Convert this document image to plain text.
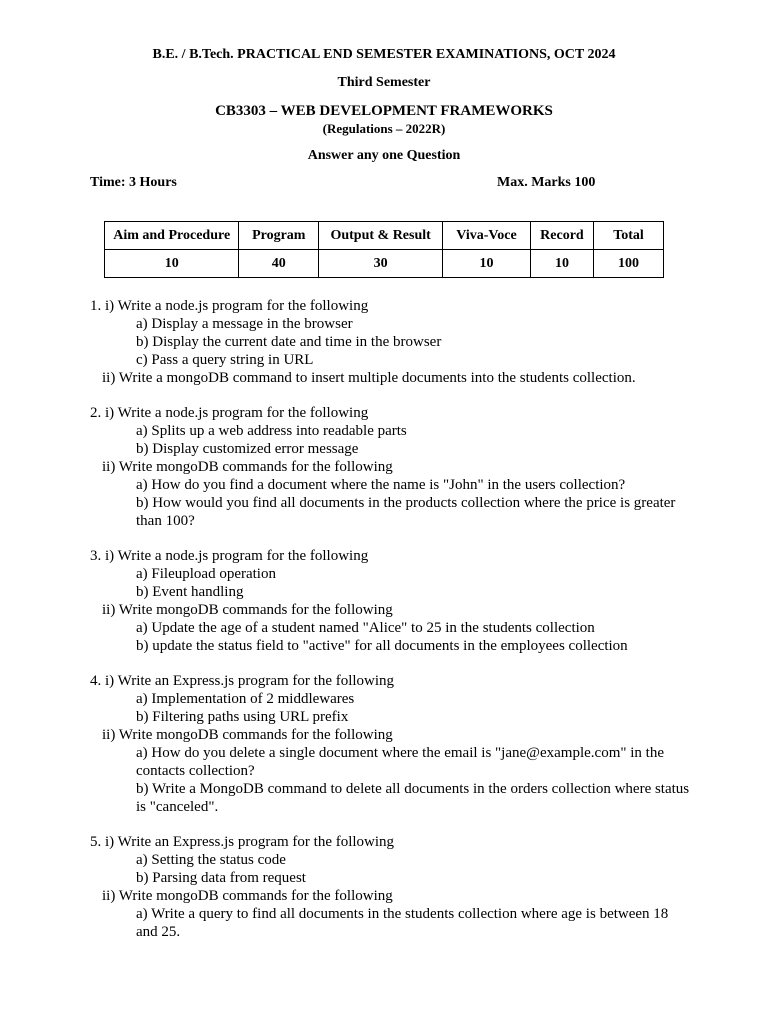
B.E. / B.Tech. PRACTICAL END SEMESTER EXAMINATIONS, OCT 2024
Third Semester
CB3303 – WEB DEVELOPMENT FRAMEWORKS
(Regulations – 2022R)
Answer any one Question
Time: 3 Hours	Max. Marks 100
Aim and Procedure	Program	Output & Result	Viva-Voce	Record	Total
10	40	30	10	10	100
1. i) Write a node.js program for the following
a) Display a message in the browser
b) Display the current date and time in the browser
c) Pass a query string in URL
ii) Write a mongoDB command to insert multiple documents into the students collection.
2. i) Write a node.js program for the following
a) Splits up a web address into readable parts
b) Display customized error message
ii) Write mongoDB commands for the following
a) How do you find a document where the name is "John" in the users collection?
b) How would you find all documents in the products collection where the price is greater than 100?
3. i) Write a node.js program for the following
a) Fileupload operation
b) Event handling
ii) Write mongoDB commands for the following
a) Update the age of a student named "Alice" to 25 in the students collection
b) update the status field to "active" for all documents in the employees collection
4. i) Write an Express.js program for the following
a) Implementation of 2 middlewares
b) Filtering paths using URL prefix
ii) Write mongoDB commands for the following
a) How do you delete a single document where the email is "jane@example.com" in the contacts collection?
b) Write a MongoDB command to delete all documents in the orders collection where status is "canceled".
5. i) Write an Express.js program for the following
a) Setting the status code
b) Parsing data from request
ii) Write mongoDB commands for the following
a) Write a query to find all documents in the students collection where age is between 18 and 25.
